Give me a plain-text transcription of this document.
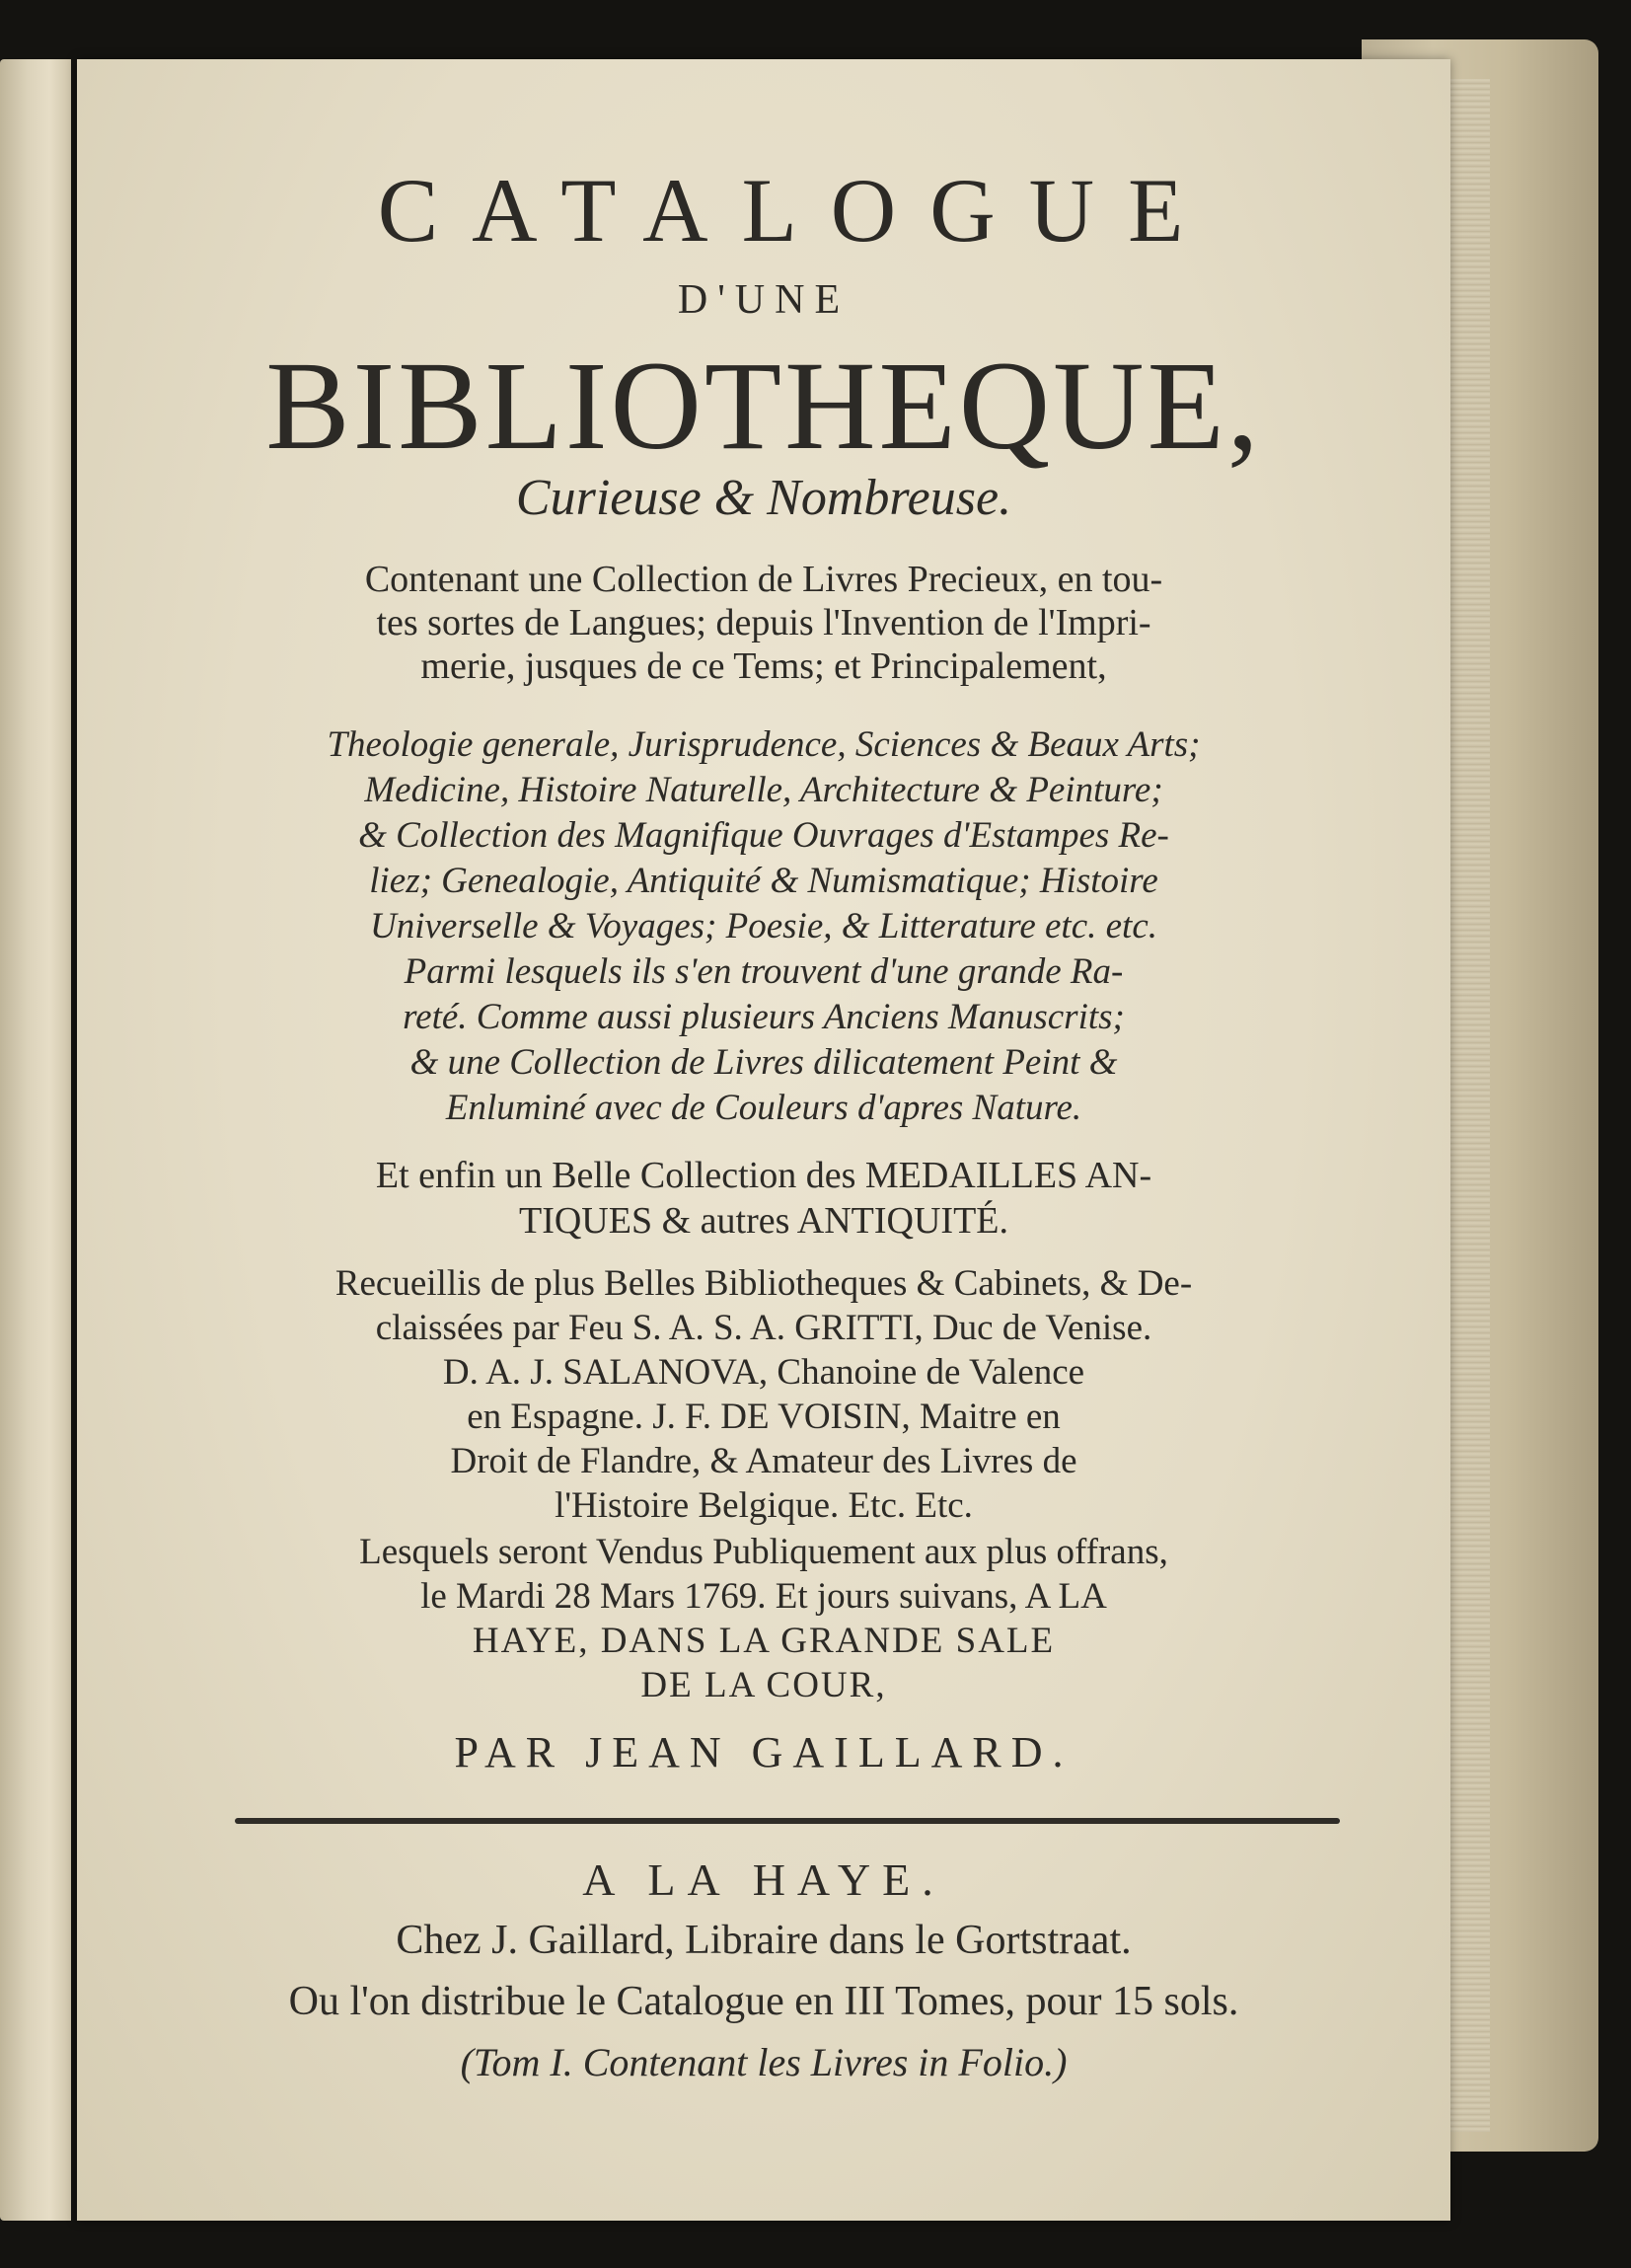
CATALOGUE
D'UNE
BIBLIOTHEQUE,
Curieuse & Nombreuse.
Contenant une Collection de Livres Precieux, en tou-
tes sortes de Langues; depuis l'Invention de l'Impri-
merie, jusques de ce Tems; et Principalement,
Theologie generale, Jurisprudence, Sciences & Beaux Arts;
Medicine, Histoire Naturelle, Architecture & Peinture;
& Collection des Magnifique Ouvrages d'Estampes Re-
liez; Genealogie, Antiquité & Numismatique; Histoire
Universelle & Voyages; Poesie, & Litterature etc. etc.
Parmi lesquels ils s'en trouvent d'une grande Ra-
reté. Comme aussi plusieurs Anciens Manuscrits;
& une Collection de Livres dilicatement Peint &
Enluminé avec de Couleurs d'apres Nature.
Et enfin un Belle Collection des MEDAILLES AN-
TIQUES & autres ANTIQUITÉ.
Recueillis de plus Belles Bibliotheques & Cabinets, & De-
claissées par Feu S. A. S. A. GRITTI, Duc de Venise.
D. A. J. SALANOVA, Chanoine de Valence
en Espagne. J. F. DE VOISIN, Maitre en
Droit de Flandre, & Amateur des Livres de
l'Histoire Belgique. Etc. Etc.
Lesquels seront Vendus Publiquement aux plus offrans,
le Mardi 28 Mars 1769. Et jours suivans, A LA
HAYE, DANS LA GRANDE SALE
DE LA COUR,
PAR JEAN GAILLARD.
A LA HAYE.
Chez J. Gaillard, Libraire dans le Gortstraat.
Ou l'on distribue le Catalogue en III Tomes, pour 15 sols.
(Tom I. Contenant les Livres in Folio.)
